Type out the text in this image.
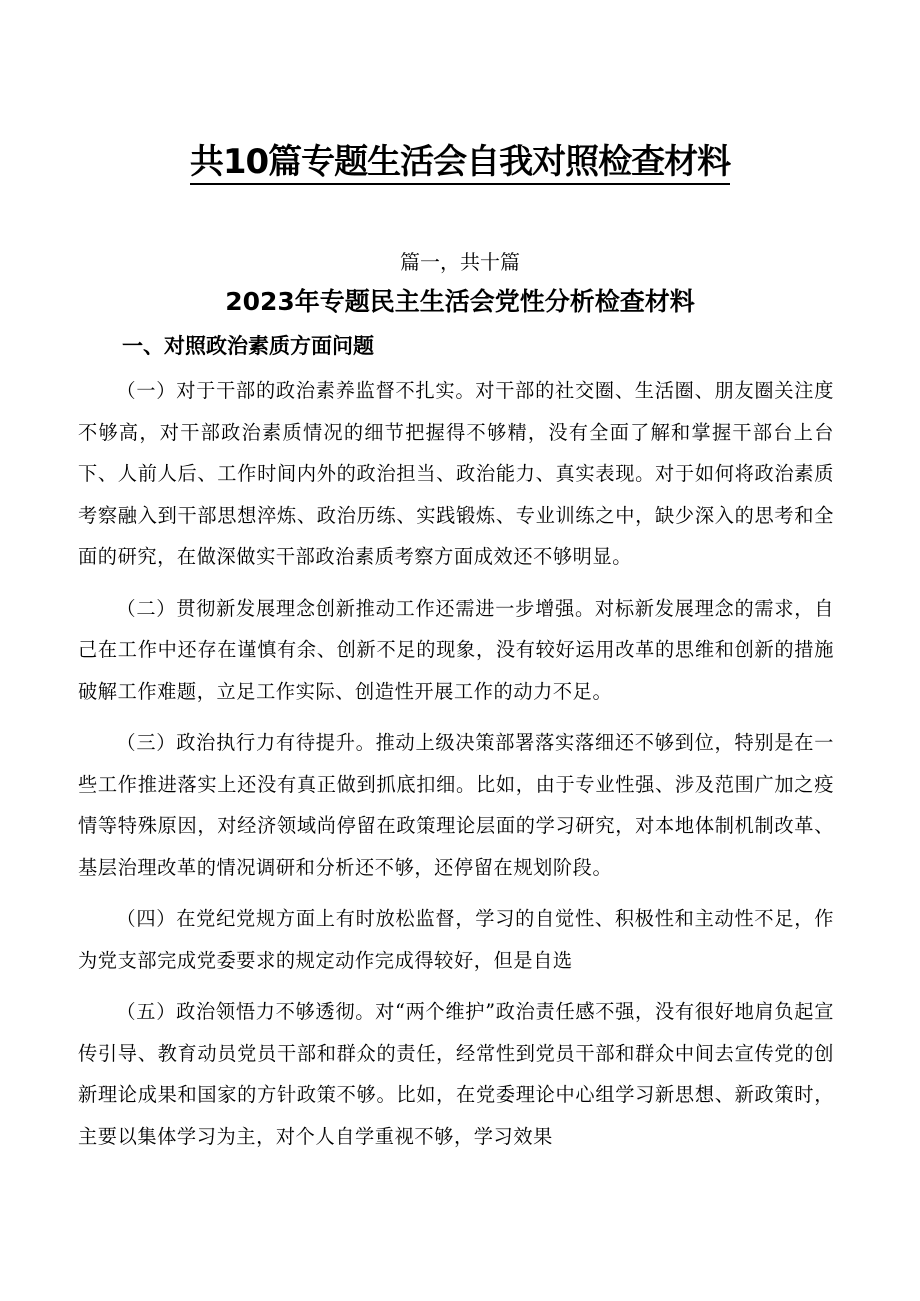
共10篇专题生活会自我对照检查材料
篇一，共十篇
2023年专题民主生活会党性分析检查材料
一、对照政治素质方面问题

（一）对于干部的政治素养监督不扎实。对干部的社交圈、生活圈、朋友圈关注度不够高，对干部政治素质情况的细节把握得不够精，没有全面了解和掌握干部台上台下、人前人后、工作时间内外的政治担当、政治能力、真实表现。对于如何将政治素质考察融入到干部思想淬炼、政治历练、实践锻炼、专业训练之中，缺少深入的思考和全面的研究，在做深做实干部政治素质考察方面成效还不够明显。

（二）贯彻新发展理念创新推动工作还需进一步增强。对标新发展理念的需求，自己在工作中还存在谨慎有余、创新不足的现象，没有较好运用改革的思维和创新的措施破解工作难题，立足工作实际、创造性开展工作的动力不足。

（三）政治执行力有待提升。推动上级决策部署落实落细还不够到位，特别是在一些工作推进落实上还没有真正做到抓底扣细。比如，由于专业性强、涉及范围广加之疫情等特殊原因，对经济领域尚停留在政策理论层面的学习研究，对本地体制机制改革、基层治理改革的情况调研和分析还不够，还停留在规划阶段。

（四）在党纪党规方面上有时放松监督，学习的自觉性、积极性和主动性不足，作为党支部完成党委要求的规定动作完成得较好，但是自选

（五）政治领悟力不够透彻。对“两个维护”政治责任感不强，没有很好地肩负起宣传引导、教育动员党员干部和群众的责任，经常性到党员干部和群众中间去宣传党的创新理论成果和国家的方针政策不够。比如，在党委理论中心组学习新思想、新政策时，主要以集体学习为主，对个人自学重视不够，学习效果
